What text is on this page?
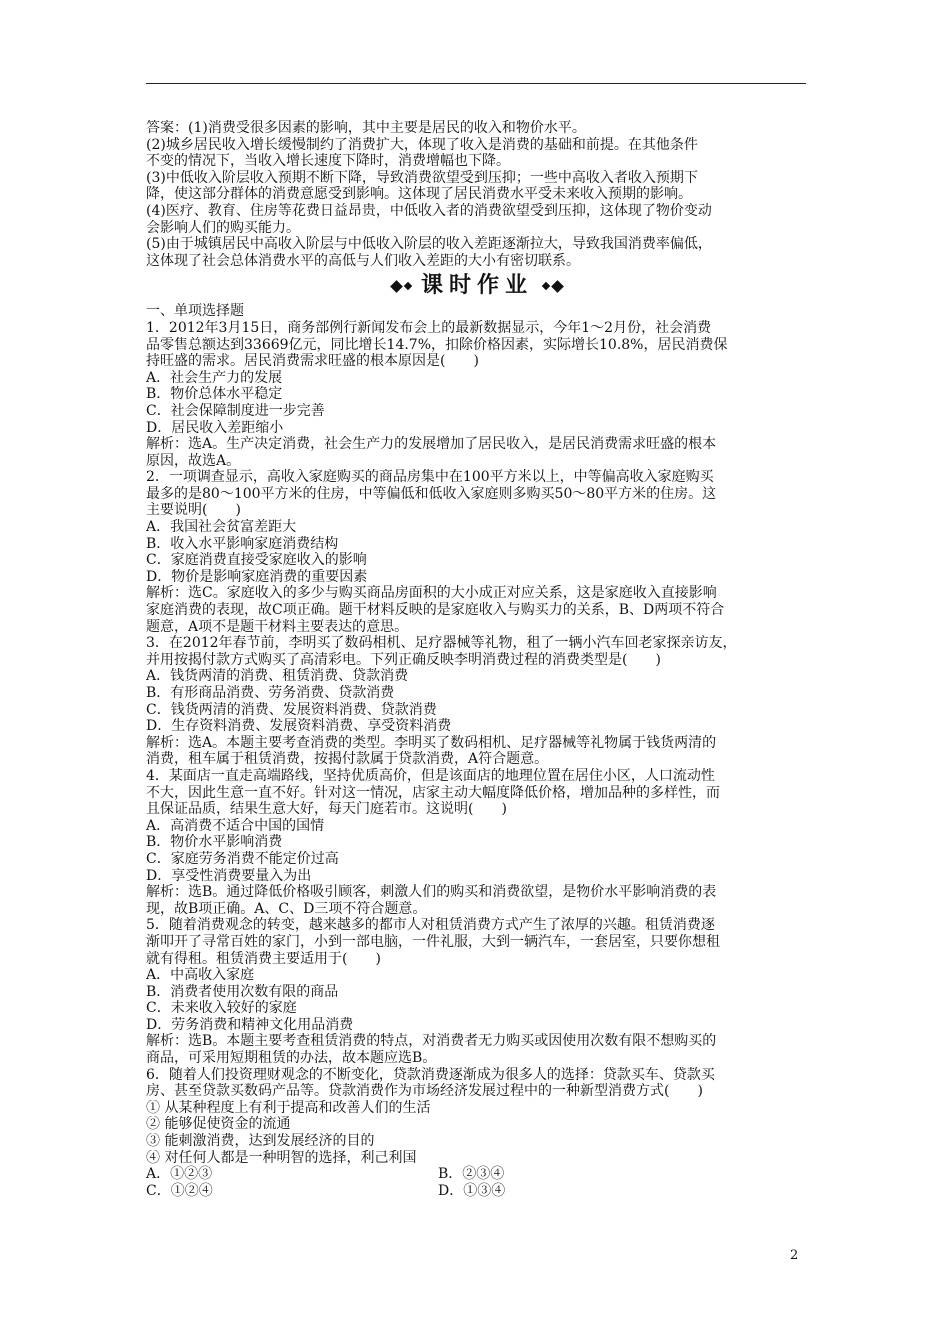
答案：(1)消费受很多因素的影响，其中主要是居民的收入和物价水平。
(2)城乡居民收入增长缓慢制约了消费扩大，体现了收入是消费的基础和前提。在其他条件
不变的情况下，当收入增长速度下降时，消费增幅也下降。
(3)中低收入阶层收入预期不断下降，导致消费欲望受到压抑；一些中高收入者收入预期下
降，使这部分群体的消费意愿受到影响。这体现了居民消费水平受未来收入预期的影响。
(4)医疗、教育、住房等花费日益昂贵，中低收入者的消费欲望受到压抑，这体现了物价变动
会影响人们的购买能力。
(5)由于城镇居民中高收入阶层与中低收入阶层的收入差距逐渐拉大，导致我国消费率偏低，
这体现了社会总体消费水平的高低与人们收入差距的大小有密切联系。
课时作业
一、单项选择题
1．2012年3月15日，商务部例行新闻发布会上的最新数据显示，今年1～2月份，社会消费
品零售总额达到33669亿元，同比增长14.7%，扣除价格因素，实际增长10.8%，居民消费保
持旺盛的需求。居民消费需求旺盛的根本原因是(　　)
A．社会生产力的发展
B．物价总体水平稳定
C．社会保障制度进一步完善
D．居民收入差距缩小
解析：选A。生产决定消费，社会生产力的发展增加了居民收入，是居民消费需求旺盛的根本
原因，故选A。
2．一项调查显示，高收入家庭购买的商品房集中在100平方米以上，中等偏高收入家庭购买
最多的是80～100平方米的住房，中等偏低和低收入家庭则多购买50～80平方米的住房。这
主要说明(　　)
A．我国社会贫富差距大
B．收入水平影响家庭消费结构
C．家庭消费直接受家庭收入的影响
D．物价是影响家庭消费的重要因素
解析：选C。家庭收入的多少与购买商品房面积的大小成正对应关系，这是家庭收入直接影响
家庭消费的表现，故C项正确。题干材料反映的是家庭收入与购买力的关系，B、D两项不符合
题意，A项不是题干材料主要表达的意思。
3．在2012年春节前，李明买了数码相机、足疗器械等礼物，租了一辆小汽车回老家探亲访友，
并用按揭付款方式购买了高清彩电。下列正确反映李明消费过程的消费类型是(　　)
A．钱货两清的消费、租赁消费、贷款消费
B．有形商品消费、劳务消费、贷款消费
C．钱货两清的消费、发展资料消费、贷款消费
D．生存资料消费、发展资料消费、享受资料消费
解析：选A。本题主要考查消费的类型。李明买了数码相机、足疗器械等礼物属于钱货两清的
消费，租车属于租赁消费，按揭付款属于贷款消费，A符合题意。
4．某面店一直走高端路线，坚持优质高价，但是该面店的地理位置在居住小区，人口流动性
不大，因此生意一直不好。针对这一情况，店家主动大幅度降低价格，增加品种的多样性，而
且保证品质，结果生意大好，每天门庭若市。这说明(　　)
A．高消费不适合中国的国情
B．物价水平影响消费
C．家庭劳务消费不能定价过高
D．享受性消费要量入为出
解析：选B。通过降低价格吸引顾客，刺激人们的购买和消费欲望，是物价水平影响消费的表
现，故B项正确。A、C、D三项不符合题意。
5．随着消费观念的转变，越来越多的都市人对租赁消费方式产生了浓厚的兴趣。租赁消费逐
渐叩开了寻常百姓的家门，小到一部电脑，一件礼服，大到一辆汽车，一套居室，只要你想租
就有得租。租赁消费主要适用于(　　)
A．中高收入家庭
B．消费者使用次数有限的商品
C．未来收入较好的家庭
D．劳务消费和精神文化用品消费
解析：选B。本题主要考查租赁消费的特点，对消费者无力购买或因使用次数有限不想购买的
商品，可采用短期租赁的办法，故本题应选B。
6．随着人们投资理财观念的不断变化，贷款消费逐渐成为很多人的选择：贷款买车、贷款买
房、甚至贷款买数码产品等。贷款消费作为市场经济发展过程中的一种新型消费方式(　　)
① 从某种程度上有利于提高和改善人们的生活
② 能够促使资金的流通
③ 能刺激消费，达到发展经济的目的
④ 对任何人都是一种明智的选择，利己利国
A．①②③	B．②③④
C．①②④	D．①③④
2
